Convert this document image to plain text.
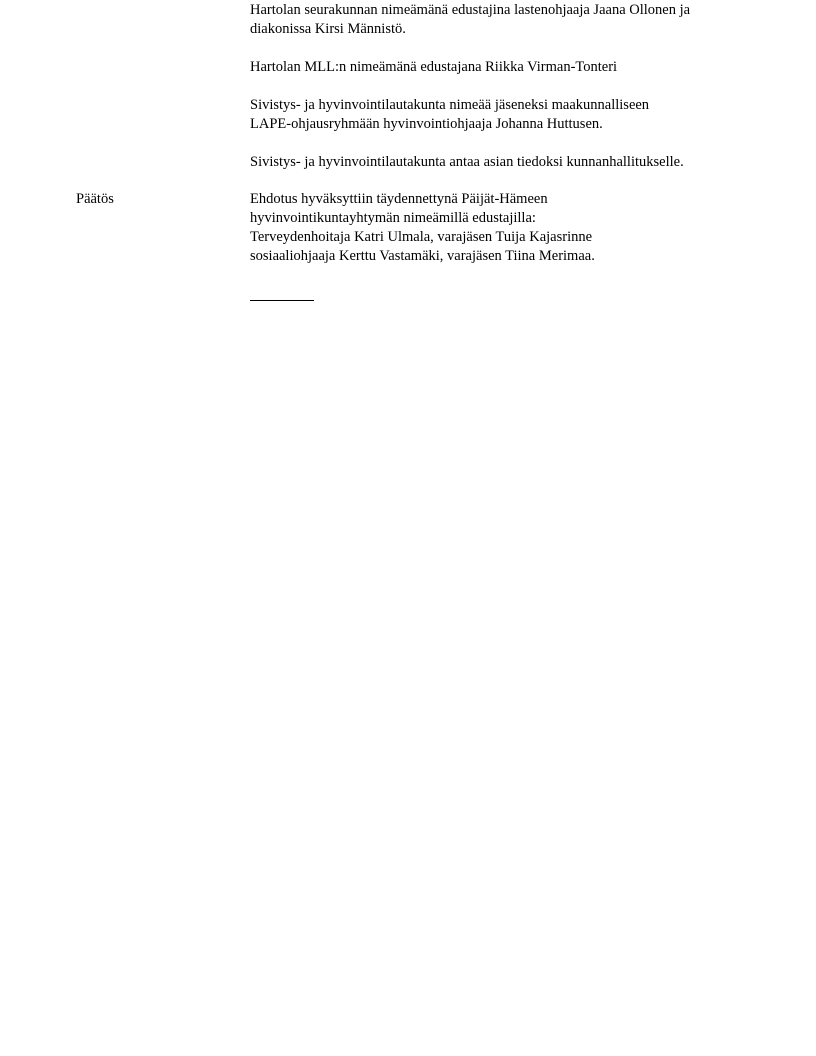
Hartolan seurakunnan nimeämänä edustajina lastenohjaaja Jaana Ollonen ja
diakonissa Kirsi Männistö.

Hartolan MLL:n nimeämänä edustajana Riikka Virman-Tonteri

Sivistys- ja hyvinvointilautakunta nimeää jäseneksi maakunnalliseen
LAPE-ohjausryhmään hyvinvointiohjaaja Johanna Huttusen.

Sivistys- ja hyvinvointilautakunta antaa asian tiedoksi kunnanhallitukselle.

Päätös	Ehdotus hyväksyttiin täydennettynä Päijät-Hämeen
hyvinvointikuntayhtymän nimeämillä edustajilla:
Terveydenhoitaja Katri Ulmala, varajäsen Tuija Kajasrinne
sosiaaliohjaaja Kerttu Vastamäki, varajäsen Tiina Merimaa.
